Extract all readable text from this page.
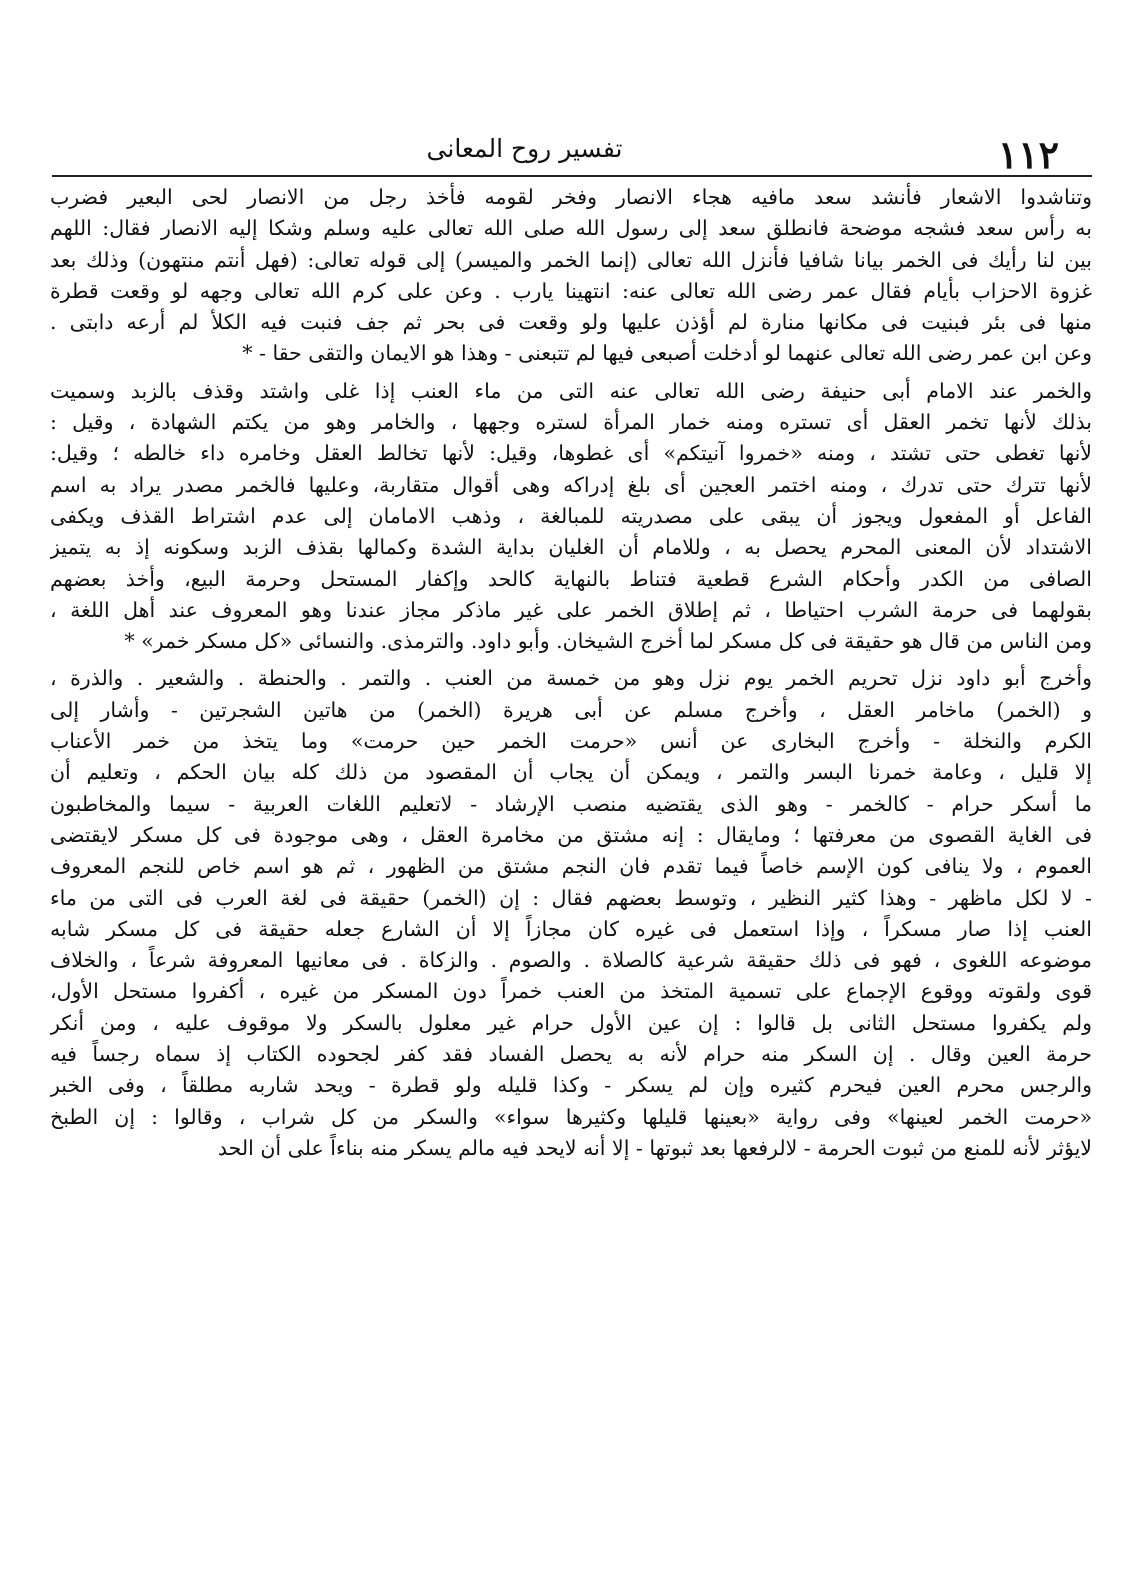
١١٢
تفسير روح المعانى
وتناشدوا الاشعار فأنشد سعد مافيه هجاء الانصار وفخر لقومه فأخذ رجل من الانصار لحى البعير فضرب
به رأس سعد فشجه موضحة فانطلق سعد إلى رسول الله صلى الله تعالى عليه وسلم وشكا إليه الانصار فقال: اللهم
بين لنا رأيك فى الخمر بيانا شافيا فأنزل الله تعالى (إنما الخمر والميسر) إلى قوله تعالى: (فهل أنتم منتهون) وذلك بعد
غزوة الاحزاب بأيام فقال عمر رضى الله تعالى عنه: انتهينا يارب . وعن على كرم الله تعالى وجهه لو وقعت قطرة
منها فى بئر فبنيت فى مكانها منارة لم أؤذن عليها ولو وقعت فى بحر ثم جف فنبت فيه الكلأ لم أرعه دابتى .
وعن ابن عمر رضى الله تعالى عنهما لو أدخلت أصبعى فيها لم تتبعنى - وهذا هو الايمان والتقى حقا - *
والخمر عند الامام أبى حنيفة رضى الله تعالى عنه التى من ماء العنب إذا غلى واشتد وقذف بالزبد وسميت
بذلك لأنها تخمر العقل أى تستره ومنه خمار المرأة لستره وجهها ، والخامر وهو من يكتم الشهادة ، وقيل :
لأنها تغطى حتى تشتد ، ومنه «خمروا آنيتكم» أى غطوها، وقيل: لأنها تخالط العقل وخامره داء خالطه ؛ وقيل:
لأنها تترك حتى تدرك ، ومنه اختمر العجين أى بلغ إدراكه وهى أقوال متقاربة، وعليها فالخمر مصدر يراد به اسم
الفاعل أو المفعول ويجوز أن يبقى على مصدريته للمبالغة ، وذهب الامامان إلى عدم اشتراط القذف ويكفى
الاشتداد لأن المعنى المحرم يحصل به ، وللامام أن الغليان بداية الشدة وكمالها بقذف الزبد وسكونه إذ به يتميز
الصافى من الكدر وأحكام الشرع قطعية فتناط بالنهاية كالحد وإكفار المستحل وحرمة البيع، وأخذ بعضهم
بقولهما فى حرمة الشرب احتياطا ، ثم إطلاق الخمر على غير ماذكر مجاز عندنا وهو المعروف عند أهل اللغة ،
ومن الناس من قال هو حقيقة فى كل مسكر لما أخرج الشيخان. وأبو داود. والترمذى. والنسائى «كل مسكر خمر» *
وأخرج أبو داود نزل تحريم الخمر يوم نزل وهو من خمسة من العنب . والتمر . والحنطة . والشعير . والذرة ،
و (الخمر) ماخامر العقل ، وأخرج مسلم عن أبى هريرة (الخمر) من هاتين الشجرتين - وأشار إلى
الكرم والنخلة - وأخرج البخارى عن أنس «حرمت الخمر حين حرمت» وما يتخذ من خمر الأعناب
إلا قليل ، وعامة خمرنا البسر والتمر ، ويمكن أن يجاب أن المقصود من ذلك كله بيان الحكم ، وتعليم أن
ما أسكر حرام - كالخمر - وهو الذى يقتضيه منصب الإرشاد - لاتعليم اللغات العربية - سيما والمخاطبون
فى الغاية القصوى من معرفتها ؛ ومايقال : إنه مشتق من مخامرة العقل ، وهى موجودة فى كل مسكر لايقتضى
العموم ، ولا ينافى كون الإسم خاصاً فيما تقدم فان النجم مشتق من الظهور ، ثم هو اسم خاص للنجم المعروف
- لا لكل ماظهر - وهذا كثير النظير ، وتوسط بعضهم فقال : إن (الخمر) حقيقة فى لغة العرب فى التى من ماء
العنب إذا صار مسكراً ، وإذا استعمل فى غيره كان مجازاً إلا أن الشارع جعله حقيقة فى كل مسكر شابه
موضوعه اللغوى ، فهو فى ذلك حقيقة شرعية كالصلاة . والصوم . والزكاة . فى معانيها المعروفة شرعاً ، والخلاف
قوى ولقوته ووقوع الإجماع على تسمية المتخذ من العنب خمراً دون المسكر من غيره ، أكفروا مستحل الأول،
ولم يكفروا مستحل الثانى بل قالوا : إن عين الأول حرام غير معلول بالسكر ولا موقوف عليه ، ومن أنكر
حرمة العين وقال . إن السكر منه حرام لأنه به يحصل الفساد فقد كفر لجحوده الكتاب إذ سماه رجساً فيه
والرجس محرم العين فيحرم كثيره وإن لم يسكر - وكذا قليله ولو قطرة - ويحد شاربه مطلقاً ، وفى الخبر
«حرمت الخمر لعينها» وفى رواية «بعينها قليلها وكثيرها سواء» والسكر من كل شراب ، وقالوا : إن الطبخ
لايؤثر لأنه للمنع من ثبوت الحرمة - لالرفعها بعد ثبوتها - إلا أنه لايحد فيه مالم يسكر منه بناءاً على أن الحد
